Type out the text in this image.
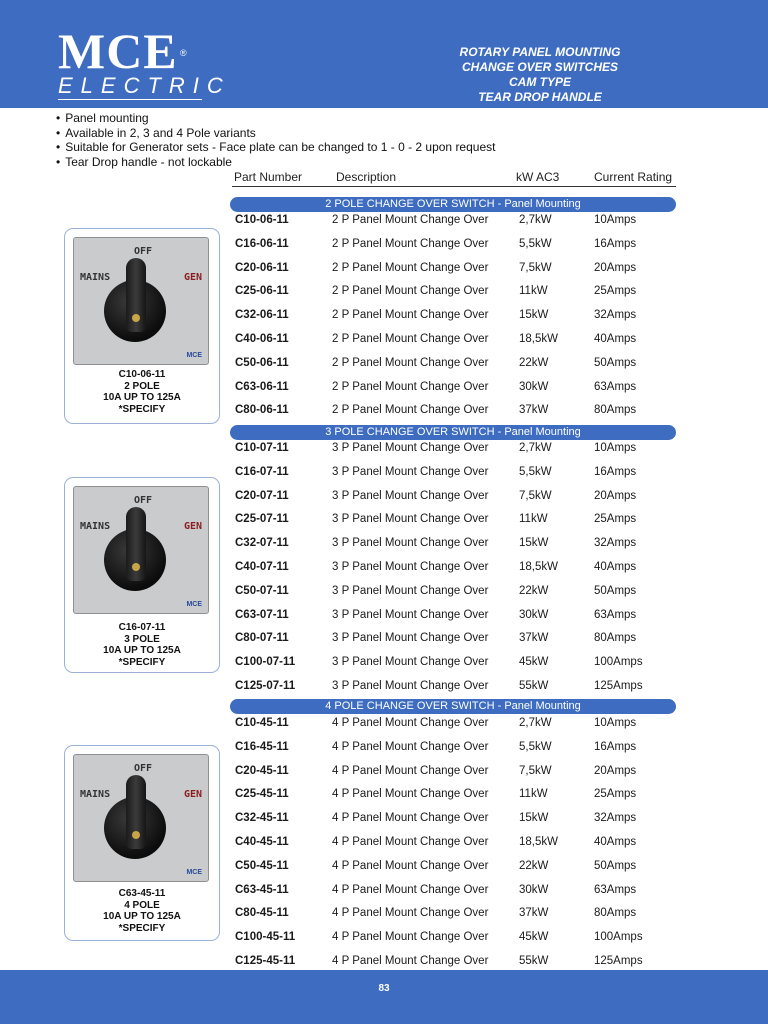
MCE ®
ELECTRIC
ROTARY PANEL MOUNTING
CHANGE OVER SWITCHES
CAM TYPE
TEAR DROP HANDLE
• Panel mounting
• Available in 2, 3 and 4 Pole variants
• Suitable for Generator sets - Face plate can be changed to 1 - 0 - 2 upon request
• Tear Drop handle - not lockable
Part Number	Description	kW AC3	Current Rating
2 POLE CHANGE OVER SWITCH - Panel Mounting
C10-06-11	2 P Panel Mount Change Over	2,7kW	10Amps
C16-06-11	2 P Panel Mount Change Over	5,5kW	16Amps
C20-06-11	2 P Panel Mount Change Over	7,5kW	20Amps
C25-06-11	2 P Panel Mount Change Over	11kW	25Amps
C32-06-11	2 P Panel Mount Change Over	15kW	32Amps
C40-06-11	2 P Panel Mount Change Over	18,5kW	40Amps
C50-06-11	2 P Panel Mount Change Over	22kW	50Amps
C63-06-11	2 P Panel Mount Change Over	30kW	63Amps
C80-06-11	2 P Panel Mount Change Over	37kW	80Amps
3 POLE CHANGE OVER SWITCH - Panel Mounting
C10-07-11	3 P Panel Mount Change Over	2,7kW	10Amps
C16-07-11	3 P Panel Mount Change Over	5,5kW	16Amps
C20-07-11	3 P Panel Mount Change Over	7,5kW	20Amps
C25-07-11	3 P Panel Mount Change Over	11kW	25Amps
C32-07-11	3 P Panel Mount Change Over	15kW	32Amps
C40-07-11	3 P Panel Mount Change Over	18,5kW	40Amps
C50-07-11	3 P Panel Mount Change Over	22kW	50Amps
C63-07-11	3 P Panel Mount Change Over	30kW	63Amps
C80-07-11	3 P Panel Mount Change Over	37kW	80Amps
C100-07-11	3 P Panel Mount Change Over	45kW	100Amps
C125-07-11	3 P Panel Mount Change Over	55kW	125Amps
4 POLE CHANGE OVER SWITCH - Panel Mounting
C10-45-11	4 P Panel Mount Change Over	2,7kW	10Amps
C16-45-11	4 P Panel Mount Change Over	5,5kW	16Amps
C20-45-11	4 P Panel Mount Change Over	7,5kW	20Amps
C25-45-11	4 P Panel Mount Change Over	11kW	25Amps
C32-45-11	4 P Panel Mount Change Over	15kW	32Amps
C40-45-11	4 P Panel Mount Change Over	18,5kW	40Amps
C50-45-11	4 P Panel Mount Change Over	22kW	50Amps
C63-45-11	4 P Panel Mount Change Over	30kW	63Amps
C80-45-11	4 P Panel Mount Change Over	37kW	80Amps
C100-45-11	4 P Panel Mount Change Over	45kW	100Amps
C125-45-11	4 P Panel Mount Change Over	55kW	125Amps
OFF
MAINS	GEN
MCE
C10-06-11
2 POLE
10A UP TO 125A
*SPECIFY
OFF
MAINS	GEN
MCE
C16-07-11
3 POLE
10A UP TO 125A
*SPECIFY
OFF
MAINS	GEN
MCE
C63-45-11
4 POLE
10A UP TO 125A
*SPECIFY
83
